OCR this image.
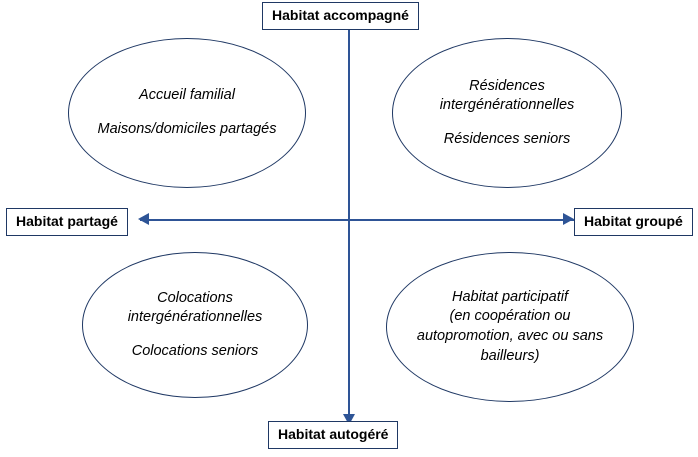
Habitat accompagné
Habitat autogéré
Habitat partagé	Habitat groupé
Accueil familial
Maisons/domiciles partagés
Résidences
intergénérationnelles
Résidences seniors
Colocations
intergénérationnelles
Colocations seniors
Habitat participatif
(en coopération ou
autopromotion, avec ou sans
bailleurs)
